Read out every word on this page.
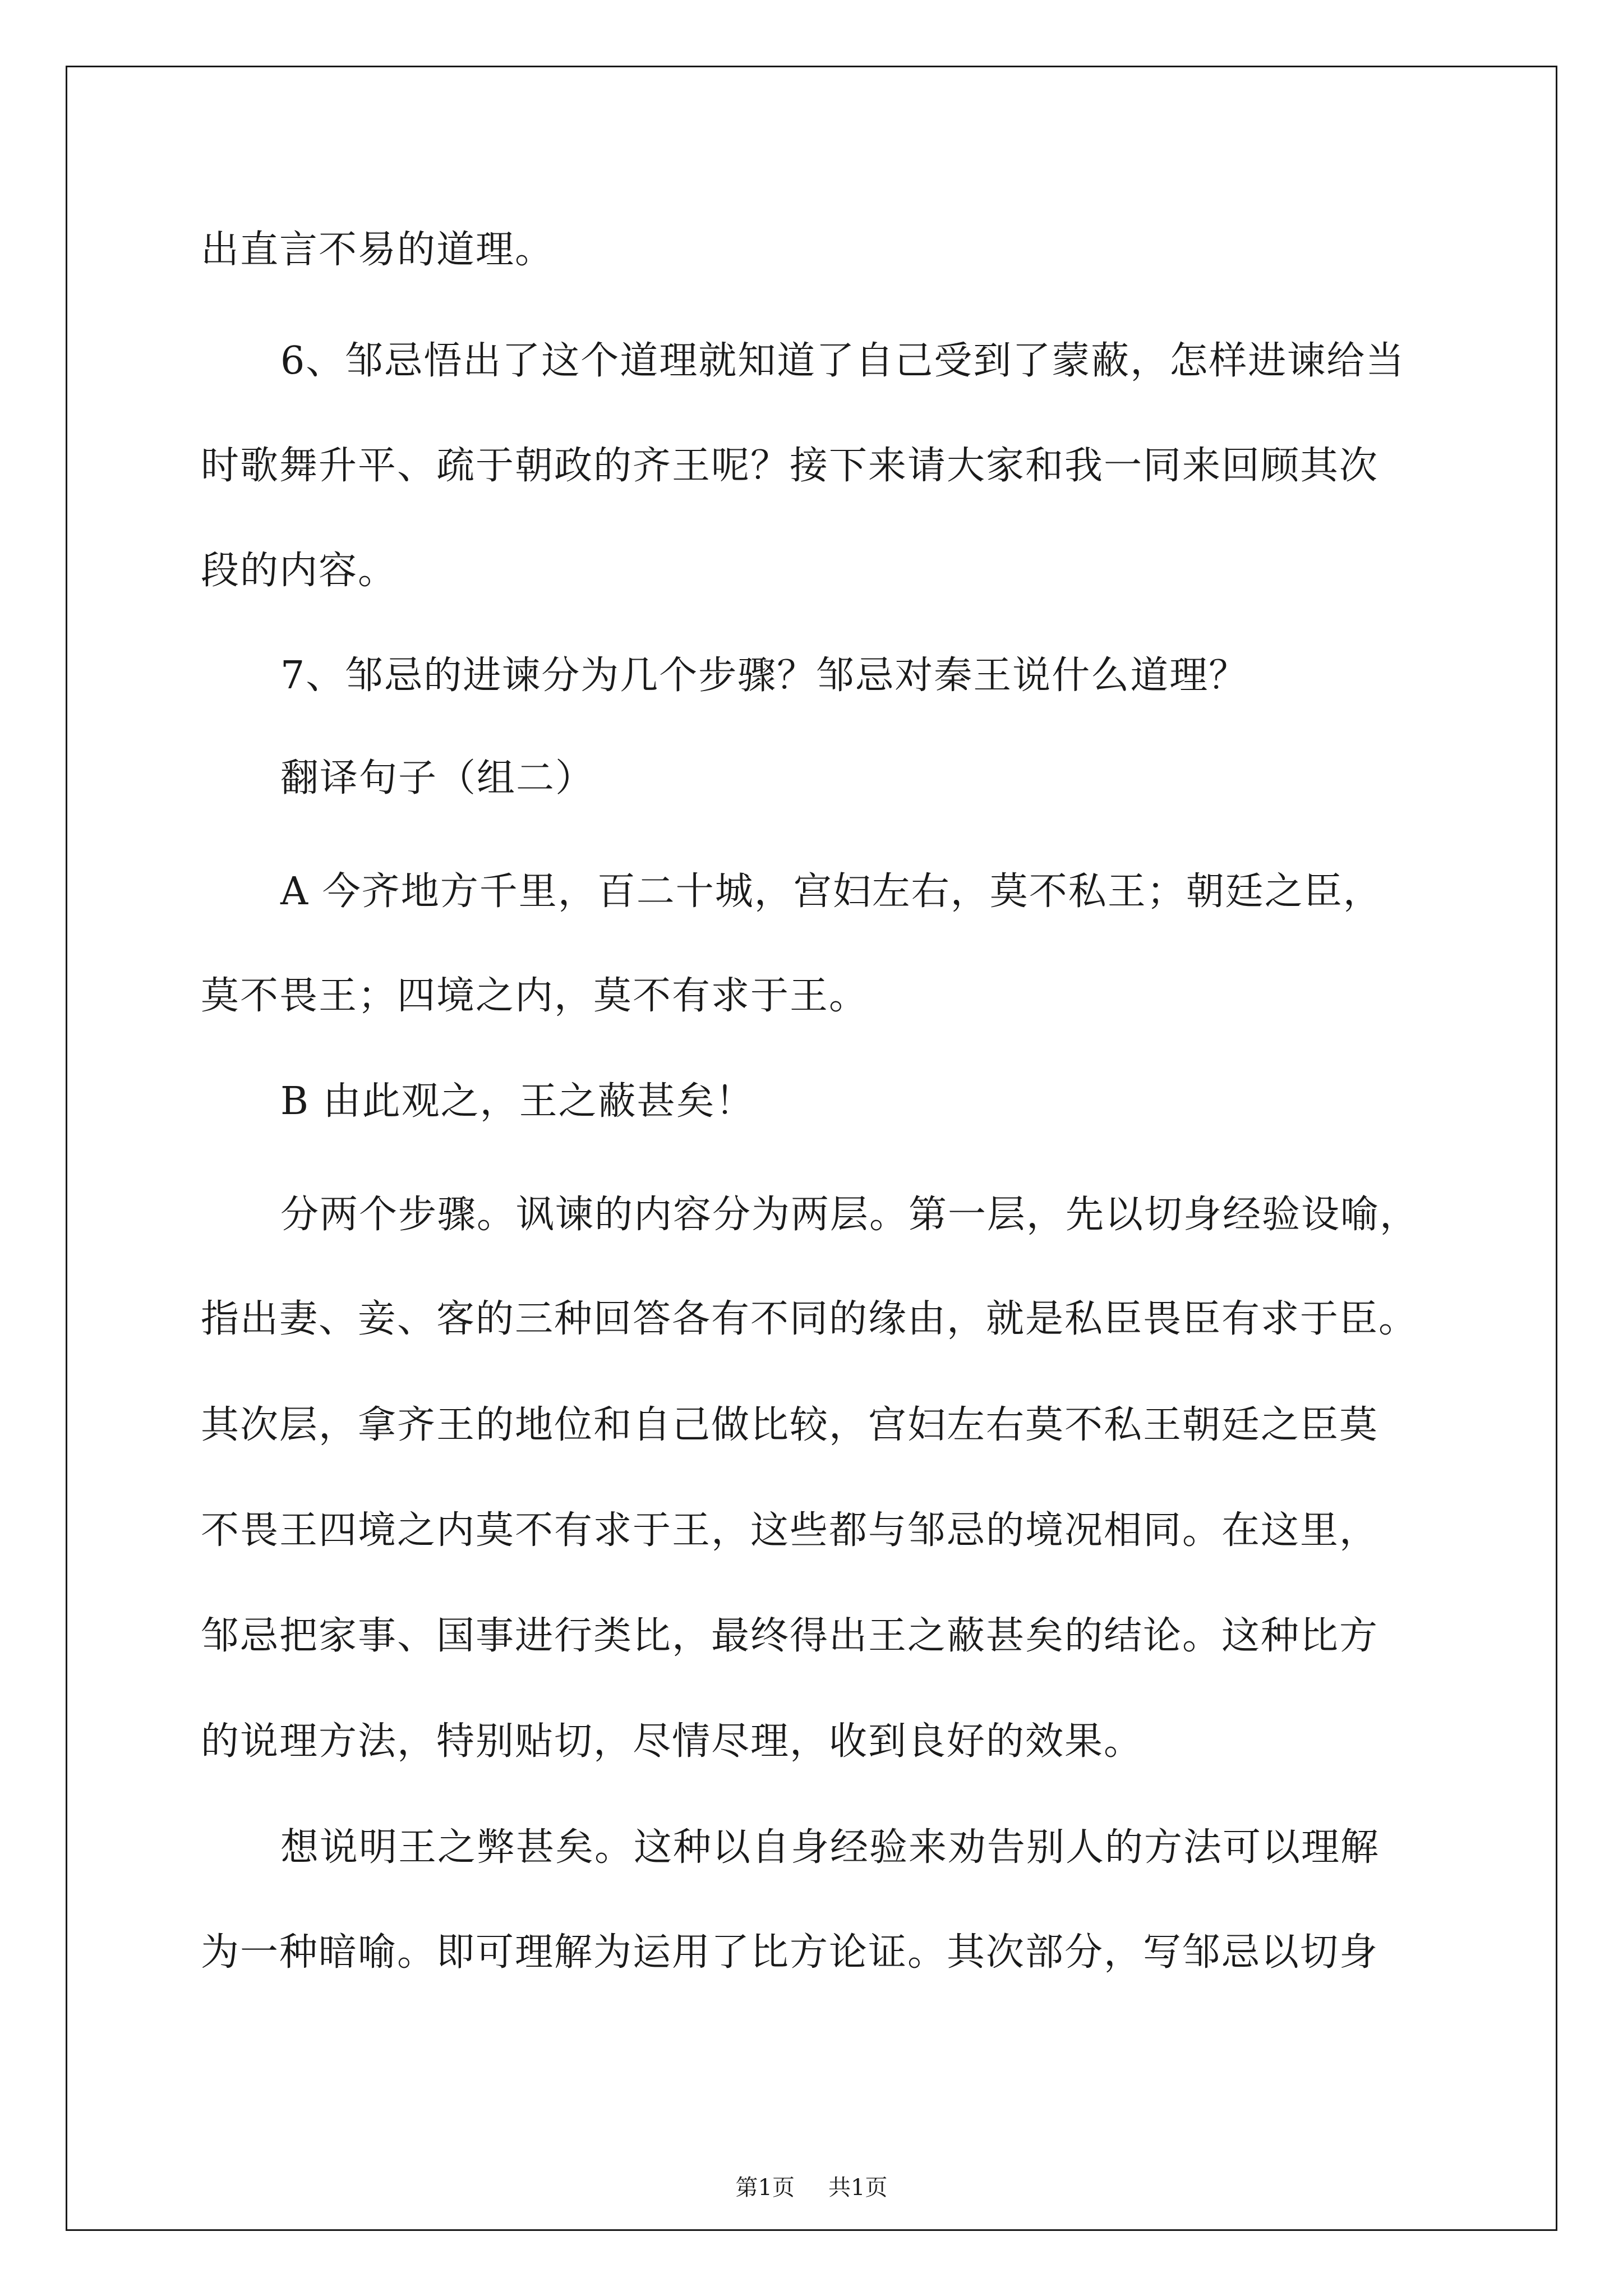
出直言不易的道理。
6、邹忌悟出了这个道理就知道了自己受到了蒙蔽，怎样进谏给当
时歌舞升平、疏于朝政的齐王呢？接下来请大家和我一同来回顾其次
段的内容。
7、邹忌的进谏分为几个步骤？邹忌对秦王说什么道理？
翻译句子（组二）
A 今齐地方千里，百二十城，宫妇左右，莫不私王；朝廷之臣，
莫不畏王；四境之内，莫不有求于王。
B 由此观之，王之蔽甚矣！
分两个步骤。讽谏的内容分为两层。第一层，先以切身经验设喻，
指出妻、妾、客的三种回答各有不同的缘由，就是私臣畏臣有求于臣。
其次层，拿齐王的地位和自己做比较，宫妇左右莫不私王朝廷之臣莫
不畏王四境之内莫不有求于王，这些都与邹忌的境况相同。在这里，
邹忌把家事、国事进行类比，最终得出王之蔽甚矣的结论。这种比方
的说理方法，特别贴切，尽情尽理，收到良好的效果。
想说明王之弊甚矣。这种以自身经验来劝告别人的方法可以理解
为一种暗喻。即可理解为运用了比方论证。其次部分，写邹忌以切身
第1页 共1页
